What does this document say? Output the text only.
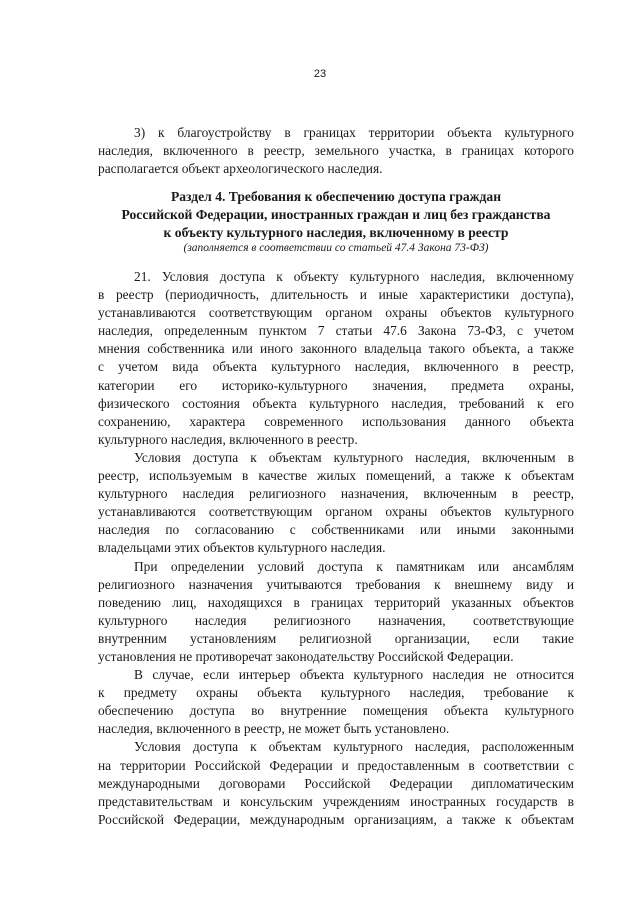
23
3) к благоустройству в границах территории объекта культурного
наследия, включенного в реестр, земельного участка, в границах которого
располагается объект археологического наследия.
Раздел 4. Требования к обеспечению доступа граждан
Российской Федерации, иностранных граждан и лиц без гражданства
к объекту культурного наследия, включенному в реестр
(заполняется в соответствии со статьей 47.4 Закона 73-ФЗ)
21. Условия доступа к объекту культурного наследия, включенному
в реестр (периодичность, длительность и иные характеристики доступа),
устанавливаются соответствующим органом охраны объектов культурного
наследия, определенным пунктом 7 статьи 47.6 Закона 73-ФЗ, с учетом
мнения собственника или иного законного владельца такого объекта, а также
с учетом вида объекта культурного наследия, включенного в реестр,
категории его историко-культурного значения, предмета охраны,
физического состояния объекта культурного наследия, требований к его
сохранению, характера современного использования данного объекта
культурного наследия, включенного в реестр.
Условия доступа к объектам культурного наследия, включенным в
реестр, используемым в качестве жилых помещений, а также к объектам
культурного наследия религиозного назначения, включенным в реестр,
устанавливаются соответствующим органом охраны объектов культурного
наследия по согласованию с собственниками или иными законными
владельцами этих объектов культурного наследия.
При определении условий доступа к памятникам или ансамблям
религиозного назначения учитываются требования к внешнему виду и
поведению лиц, находящихся в границах территорий указанных объектов
культурного наследия религиозного назначения, соответствующие
внутренним установлениям религиозной организации, если такие
установления не противоречат законодательству Российской Федерации.
В случае, если интерьер объекта культурного наследия не относится
к предмету охраны объекта культурного наследия, требование к
обеспечению доступа во внутренние помещения объекта культурного
наследия, включенного в реестр, не может быть установлено.
Условия доступа к объектам культурного наследия, расположенным
на территории Российской Федерации и предоставленным в соответствии с
международными договорами Российской Федерации дипломатическим
представительствам и консульским учреждениям иностранных государств в
Российской Федерации, международным организациям, а также к объектам
